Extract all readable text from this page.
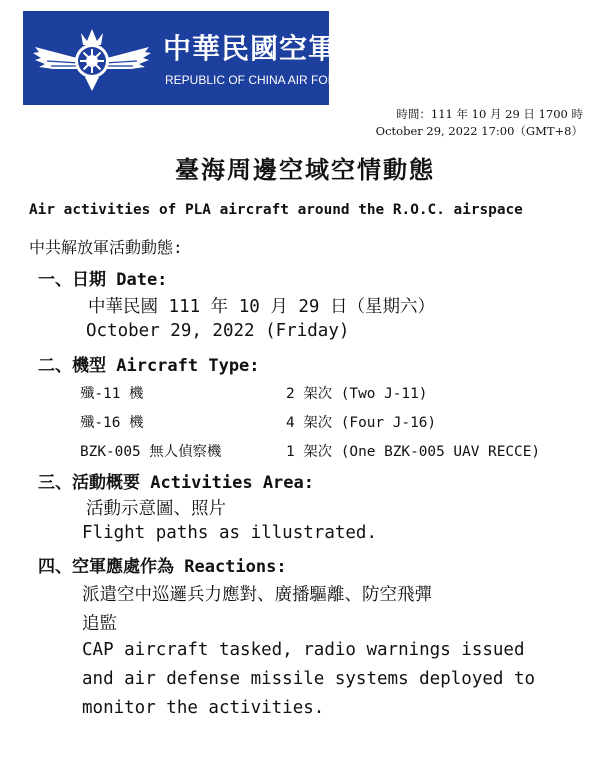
中華民國空軍
REPUBLIC OF CHINA AIR FORCE
時間：111 年 10 月 29 日 1700 時
October 29, 2022 17:00（GMT+8）
臺海周邊空域空情動態
Air activities of PLA aircraft around the R.O.C. airspace
中共解放軍活動動態:
一、日期 Date:
中華民國 111 年 10 月 29 日（星期六）
October 29, 2022 (Friday)
二、機型 Aircraft Type:
殲-11 機	2 架次 (Two J-11)
殲-16 機	4 架次 (Four J-16)
BZK-005 無人偵察機	1 架次 (One BZK-005 UAV RECCE)
三、活動概要 Activities Area:
活動示意圖、照片
Flight paths as illustrated.
四、空軍應處作為 Reactions:
派遣空中巡邏兵力應對、廣播驅離、防空飛彈
追監
CAP aircraft tasked, radio warnings issued
and air defense missile systems deployed to
monitor the activities.
